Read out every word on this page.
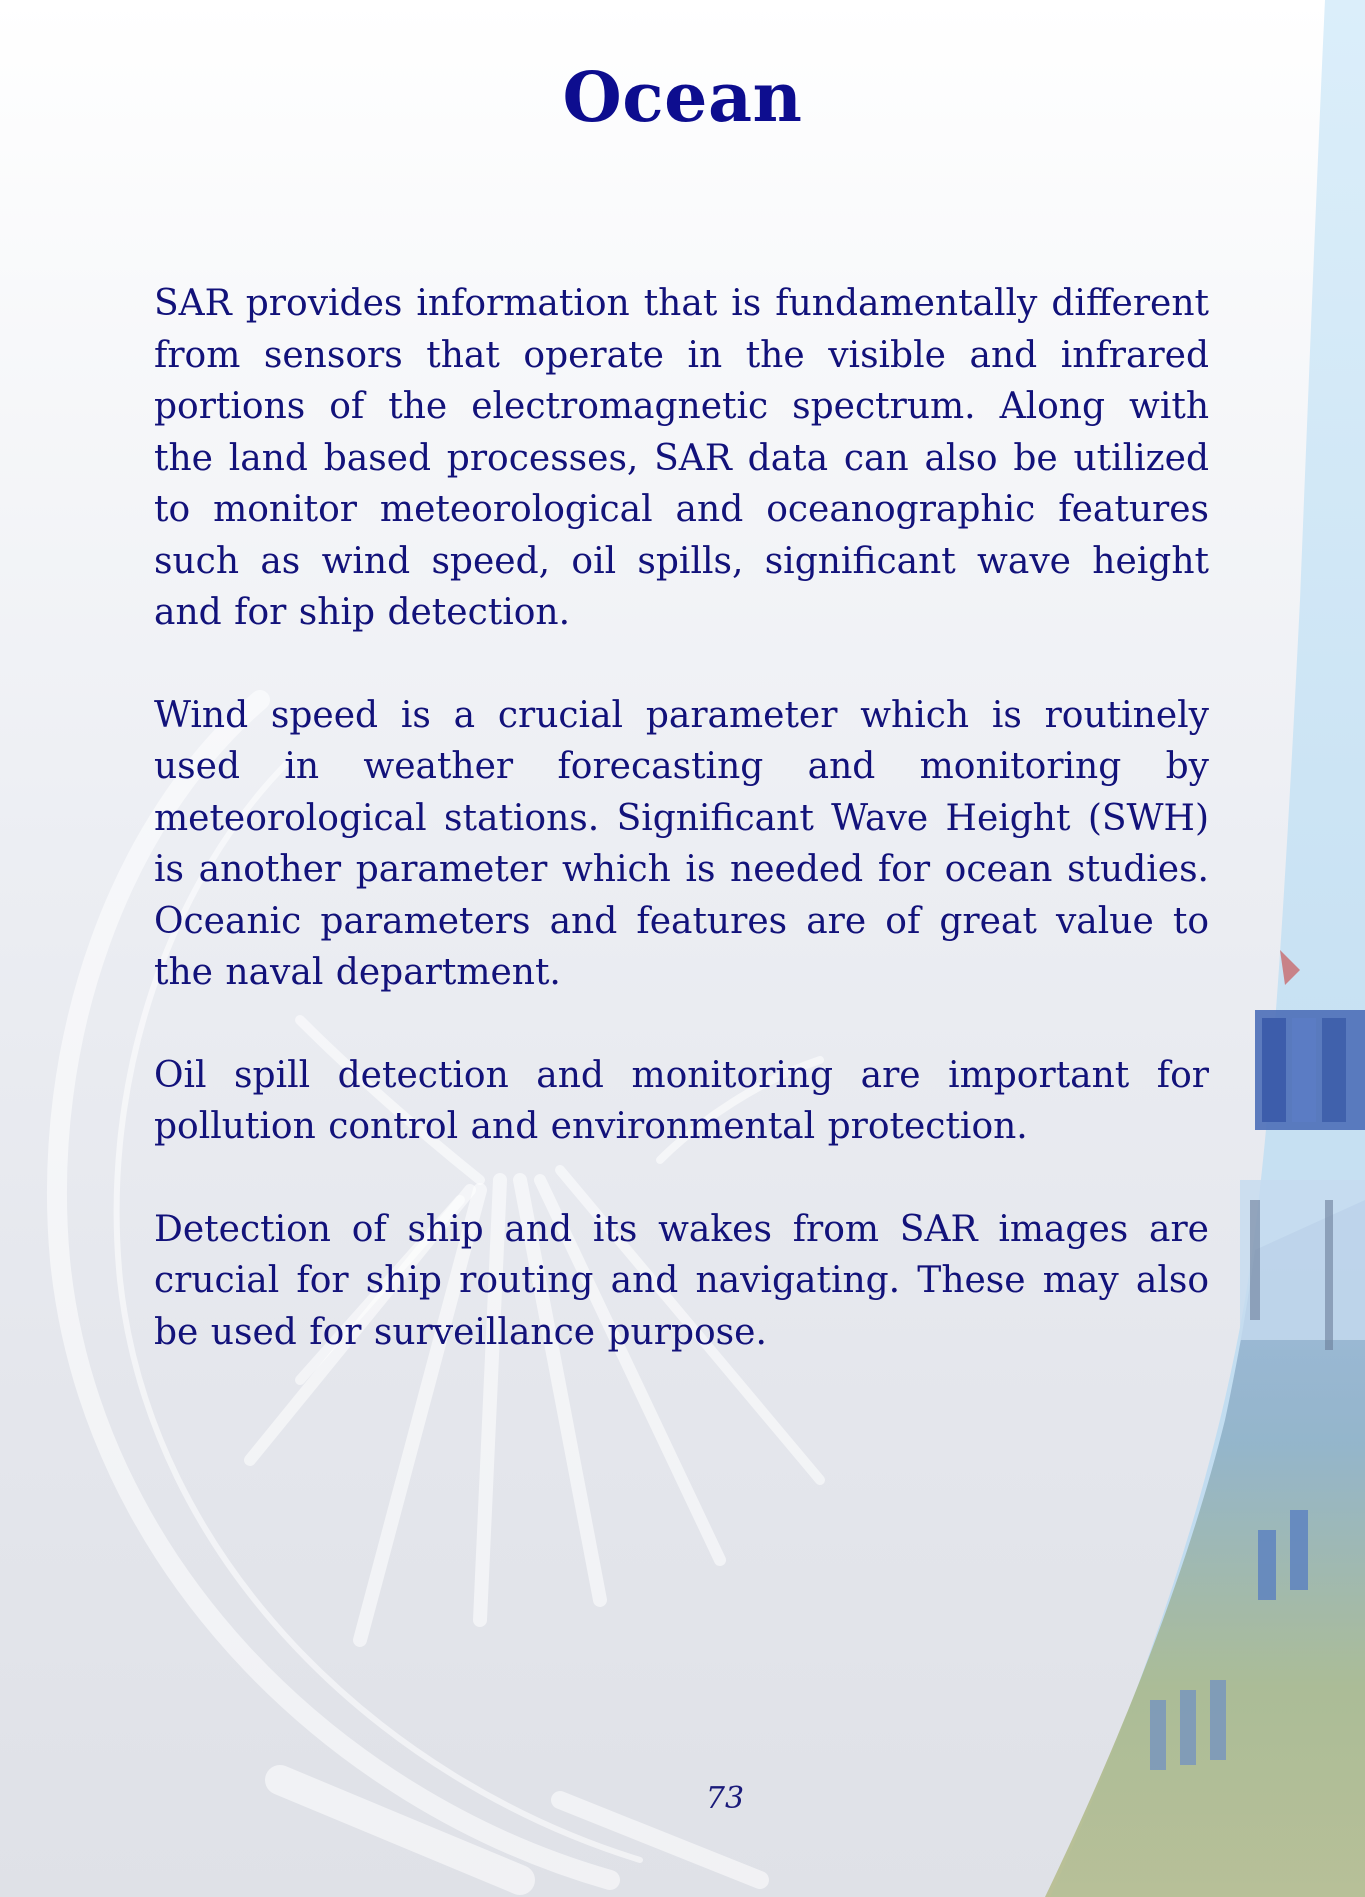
Ocean

SAR provides information that is fundamentally different from sensors that operate in the visible and infrared portions of the electromagnetic spectrum. Along with the land based processes, SAR data can also be utilized to monitor meteorological and oceanographic features such as wind speed, oil spills, significant wave height and for ship detection.

Wind speed is a crucial parameter which is routinely used in weather forecasting and monitoring by meteorological stations. Significant Wave Height (SWH) is another parameter which is needed for ocean studies. Oceanic parameters and features are of great value to the naval department.

Oil spill detection and monitoring are important for pollution control and environmental protection.

Detection of ship and its wakes from SAR images are crucial for ship routing and navigating. These may also be used for surveillance purpose.

73
